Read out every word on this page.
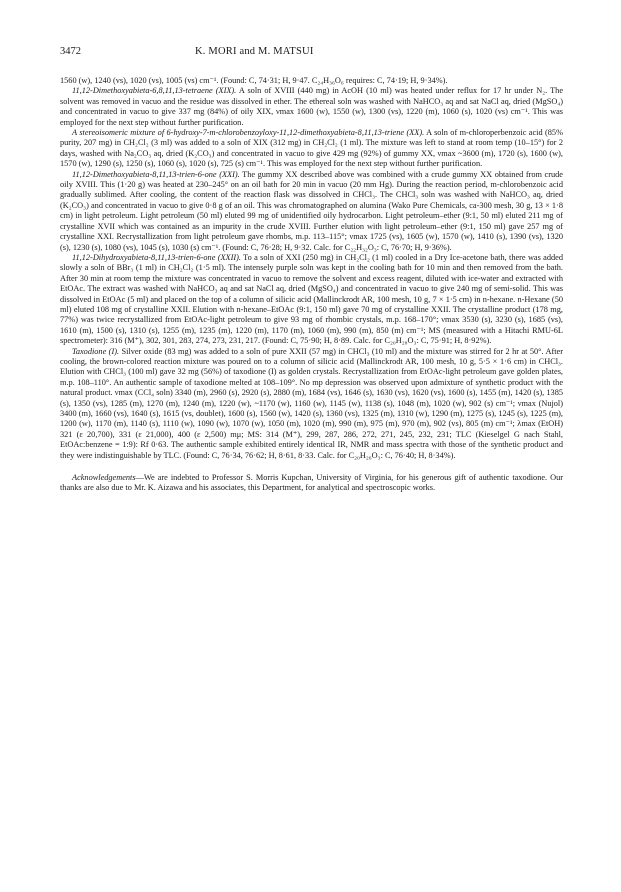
3472	K. MORI and M. MATSUI

1560 (w), 1240 (vs), 1020 (vs), 1005 (vs) cm⁻¹. (Found: C, 74·31; H, 9·47. C₂₄H₃₆O₆ requires: C, 74·19; H, 9·34%).

11,12-Dimethoxyabieta-6,8,11,13-tetraene (XIX). A soln of XVIII (440 mg) in AcOH (10 ml) was heated under reflux for 17 hr under N₂. The solvent was removed in vacuo and the residue was dissolved in ether. The ethereal soln was washed with NaHCO₃ aq and sat NaCl aq, dried (MgSO₄) and concentrated in vacuo to give 337 mg (84%) of oily XIX, νmax 1600 (w), 1550 (w), 1300 (vs), 1220 (m), 1060 (s), 1020 (vs) cm⁻¹. This was employed for the next step without further purification.

A stereoisomeric mixture of 6-hydroxy-7-m-chlorobenzoyloxy-11,12-dimethoxyabieta-8,11,13-triene (XX). A soln of m-chloroperbenzoic acid (85% purity, 207 mg) in CH₂Cl₂ (3 ml) was added to a soln of XIX (312 mg) in CH₂Cl₂ (1 ml). The mixture was left to stand at room temp (10–15°) for 2 days, washed with Na₂CO₃ aq, dried (K₂CO₃) and concentrated in vacuo to give 429 mg (92%) of gummy XX, νmax ~3600 (m), 1720 (s), 1600 (w), 1570 (w), 1290 (s), 1250 (s), 1060 (s), 1020 (s), 725 (s) cm⁻¹. This was employed for the next step without further purification.

11,12-Dimethoxyabieta-8,11,13-trien-6-one (XXI). The gummy XX described above was combined with a crude gummy XX obtained from crude oily XVIII. This (1·20 g) was heated at 230–245° on an oil bath for 20 min in vacuo (20 mm Hg). During the reaction period, m-chlorobenzoic acid gradually sublimed. After cooling, the content of the reaction flask was dissolved in CHCl₃. The CHCl₃ soln was washed with NaHCO₃ aq, dried (K₂CO₃) and concentrated in vacuo to give 0·8 g of an oil. This was chromatographed on alumina (Wako Pure Chemicals, ca-300 mesh, 30 g, 13 × 1·8 cm) in light petroleum. Light petroleum (50 ml) eluted 99 mg of unidentified oily hydrocarbon. Light petroleum–ether (9:1, 50 ml) eluted 211 mg of crystalline XVII which was contained as an impurity in the crude XVIII. Further elution with light petroleum–ether (9:1, 150 ml) gave 257 mg of crystalline XXI. Recrystallization from light petroleum gave rhombs, m.p. 113–115°; νmax 1725 (vs), 1605 (w), 1570 (w), 1410 (s), 1390 (vs), 1320 (s), 1230 (s), 1080 (vs), 1045 (s), 1030 (s) cm⁻¹. (Found: C, 76·28; H, 9·32. Calc. for C₂₂H₃₂O₃: C, 76·70; H, 9·36%).

11,12-Dihydroxyabieta-8,11,13-trien-6-one (XXII). To a soln of XXI (250 mg) in CH₂Cl₂ (1 ml) cooled in a Dry Ice-acetone bath, there was added slowly a soln of BBr₃ (1 ml) in CH₂Cl₂ (1·5 ml). The intensely purple soln was kept in the cooling bath for 10 min and then removed from the bath. After 30 min at room temp the mixture was concentrated in vacuo to remove the solvent and excess reagent, diluted with ice-water and extracted with EtOAc. The extract was washed with NaHCO₃ aq and sat NaCl aq, dried (MgSO₄) and concentrated in vacuo to give 240 mg of semi-solid. This was dissolved in EtOAc (5 ml) and placed on the top of a column of silicic acid (Mallinckrodt AR, 100 mesh, 10 g, 7 × 1·5 cm) in n-hexane. n-Hexane (50 ml) eluted 108 mg of crystalline XXII. Elution with n-hexane–EtOAc (9:1, 150 ml) gave 70 mg of crystalline XXII. The crystalline product (178 mg, 77%) was twice recrystallized from EtOAc-light petroleum to give 93 mg of rhombic crystals, m.p. 168–170°; νmax 3530 (s), 3230 (s), 1685 (vs), 1610 (m), 1500 (s), 1310 (s), 1255 (m), 1235 (m), 1220 (m), 1170 (m), 1060 (m), 990 (m), 850 (m) cm⁻¹; MS (measured with a Hitachi RMU-6L spectrometer): 316 (M⁺), 302, 301, 283, 274, 273, 231, 217. (Found: C, 75·90; H, 8·89. Calc. for C₂₀H₂₈O₃: C, 75·91; H, 8·92%).

Taxodione (I). Silver oxide (83 mg) was added to a soln of pure XXII (57 mg) in CHCl₃ (10 ml) and the mixture was stirred for 2 hr at 50°. After cooling, the brown-colored reaction mixture was poured on to a column of silicic acid (Mallinckrodt AR, 100 mesh, 10 g, 5·5 × 1·6 cm) in CHCl₃. Elution with CHCl₃ (100 ml) gave 32 mg (56%) of taxodione (I) as golden crystals. Recrystallization from EtOAc-light petroleum gave golden plates, m.p. 108–110°. An authentic sample of taxodione melted at 108–109°. No mp depression was observed upon admixture of synthetic product with the natural product. νmax (CCl₄ soln) 3340 (m), 2960 (s), 2920 (s), 2880 (m), 1684 (vs), 1646 (s), 1630 (vs), 1620 (vs), 1600 (s), 1455 (m), 1420 (s), 1385 (s), 1350 (vs), 1285 (m), 1270 (m), 1240 (m), 1220 (w), ~1170 (w), 1160 (w), 1145 (w), 1138 (s), 1048 (m), 1020 (w), 902 (s) cm⁻¹; νmax (Nujol) 3400 (m), 1660 (vs), 1640 (s), 1615 (vs, doublet), 1600 (s), 1560 (w), 1420 (s), 1360 (vs), 1325 (m), 1310 (w), 1290 (m), 1275 (s), 1245 (s), 1225 (m), 1200 (w), 1170 (m), 1140 (s), 1110 (w), 1090 (w), 1070 (w), 1050 (m), 1020 (m), 990 (m), 975 (m), 970 (m), 902 (vs), 805 (m) cm⁻¹; λmax (EtOH) 321 (ε 20,700), 331 (ε 21,000), 400 (ε 2,500) mμ; MS: 314 (M⁺), 299, 287, 286, 272, 271, 245, 232, 231; TLC (Kieselgel G nach Stahl, EtOAc:benzene = 1:9): Rf 0·63. The authentic sample exhibited entirely identical IR, NMR and mass spectra with those of the synthetic product and they were indistinguishable by TLC. (Found: C, 76·34, 76·62; H, 8·61, 8·33. Calc. for C₂₀H₂₆O₃: C, 76·40; H, 8·34%).

Acknowledgements—We are indebted to Professor S. Morris Kupchan, University of Virginia, for his generous gift of authentic taxodione. Our thanks are also due to Mr. K. Aizawa and his associates, this Department, for analytical and spectroscopic works.
